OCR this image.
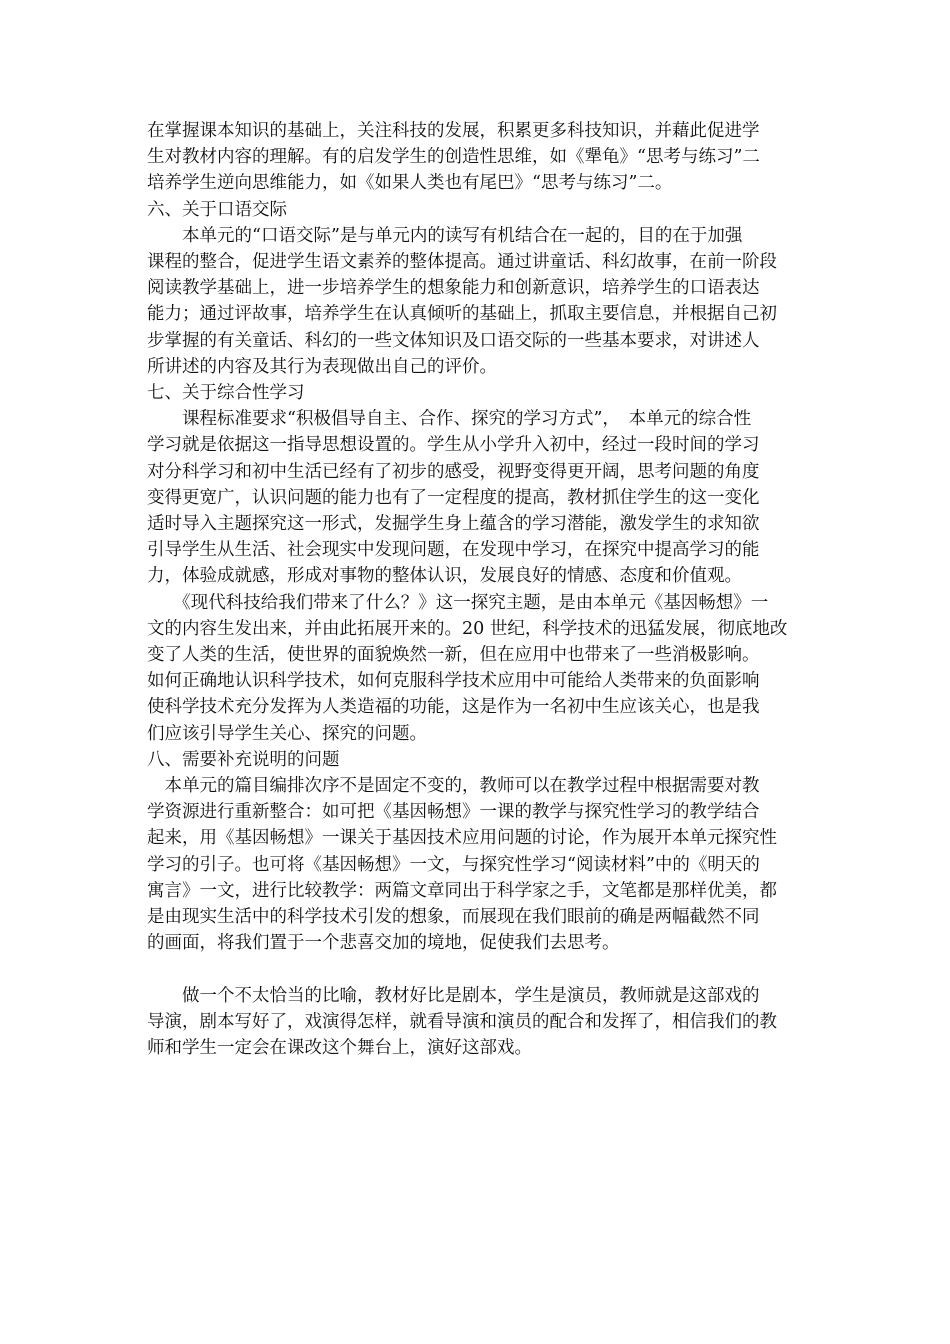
在掌握课本知识的基础上，关注科技的发展，积累更多科技知识，并藉此促进学
生对教材内容的理解。有的启发学生的创造性思维，如《犟龟》“思考与练习”二
培养学生逆向思维能力，如《如果人类也有尾巴》“思考与练习”二。
六、关于口语交际
　　本单元的“口语交际”是与单元内的读写有机结合在一起的，目的在于加强
课程的整合，促进学生语文素养的整体提高。通过讲童话、科幻故事，在前一阶段
阅读教学基础上，进一步培养学生的想象能力和创新意识，培养学生的口语表达
能力；通过评故事，培养学生在认真倾听的基础上，抓取主要信息，并根据自己初
步掌握的有关童话、科幻的一些文体知识及口语交际的一些基本要求，对讲述人
所讲述的内容及其行为表现做出自己的评价。
七、关于综合性学习
　　课程标准要求“积极倡导自主、合作、探究的学习方式”，　本单元的综合性
学习就是依据这一指导思想设置的。学生从小学升入初中，经过一段时间的学习
对分科学习和初中生活已经有了初步的感受，视野变得更开阔，思考问题的角度
变得更宽广，认识问题的能力也有了一定程度的提高，教材抓住学生的这一变化
适时导入主题探究这一形式，发掘学生身上蕴含的学习潜能，激发学生的求知欲
引导学生从生活、社会现实中发现问题，在发现中学习，在探究中提高学习的能
力，体验成就感，形成对事物的整体认识，发展良好的情感、态度和价值观。
　　《现代科技给我们带来了什么？》这一探究主题，是由本单元《基因畅想》一
文的内容生发出来，并由此拓展开来的。20 世纪，科学技术的迅猛发展，彻底地改
变了人类的生活，使世界的面貌焕然一新，但在应用中也带来了一些消极影响。
如何正确地认识科学技术，如何克服科学技术应用中可能给人类带来的负面影响
使科学技术充分发挥为人类造福的功能，这是作为一名初中生应该关心，也是我
们应该引导学生关心、探究的问题。
八、需要补充说明的问题
　本单元的篇目编排次序不是固定不变的，教师可以在教学过程中根据需要对教
学资源进行重新整合：如可把《基因畅想》一课的教学与探究性学习的教学结合
起来，用《基因畅想》一课关于基因技术应用问题的讨论，作为展开本单元探究性
学习的引子。也可将《基因畅想》一文，与探究性学习“阅读材料”中的《明天的
寓言》一文，进行比较教学：两篇文章同出于科学家之手，文笔都是那样优美，都
是由现实生活中的科学技术引发的想象，而展现在我们眼前的确是两幅截然不同
的画面，将我们置于一个悲喜交加的境地，促使我们去思考。
　　做一个不太恰当的比喻，教材好比是剧本，学生是演员，教师就是这部戏的
导演，剧本写好了，戏演得怎样，就看导演和演员的配合和发挥了，相信我们的教
师和学生一定会在课改这个舞台上，演好这部戏。
